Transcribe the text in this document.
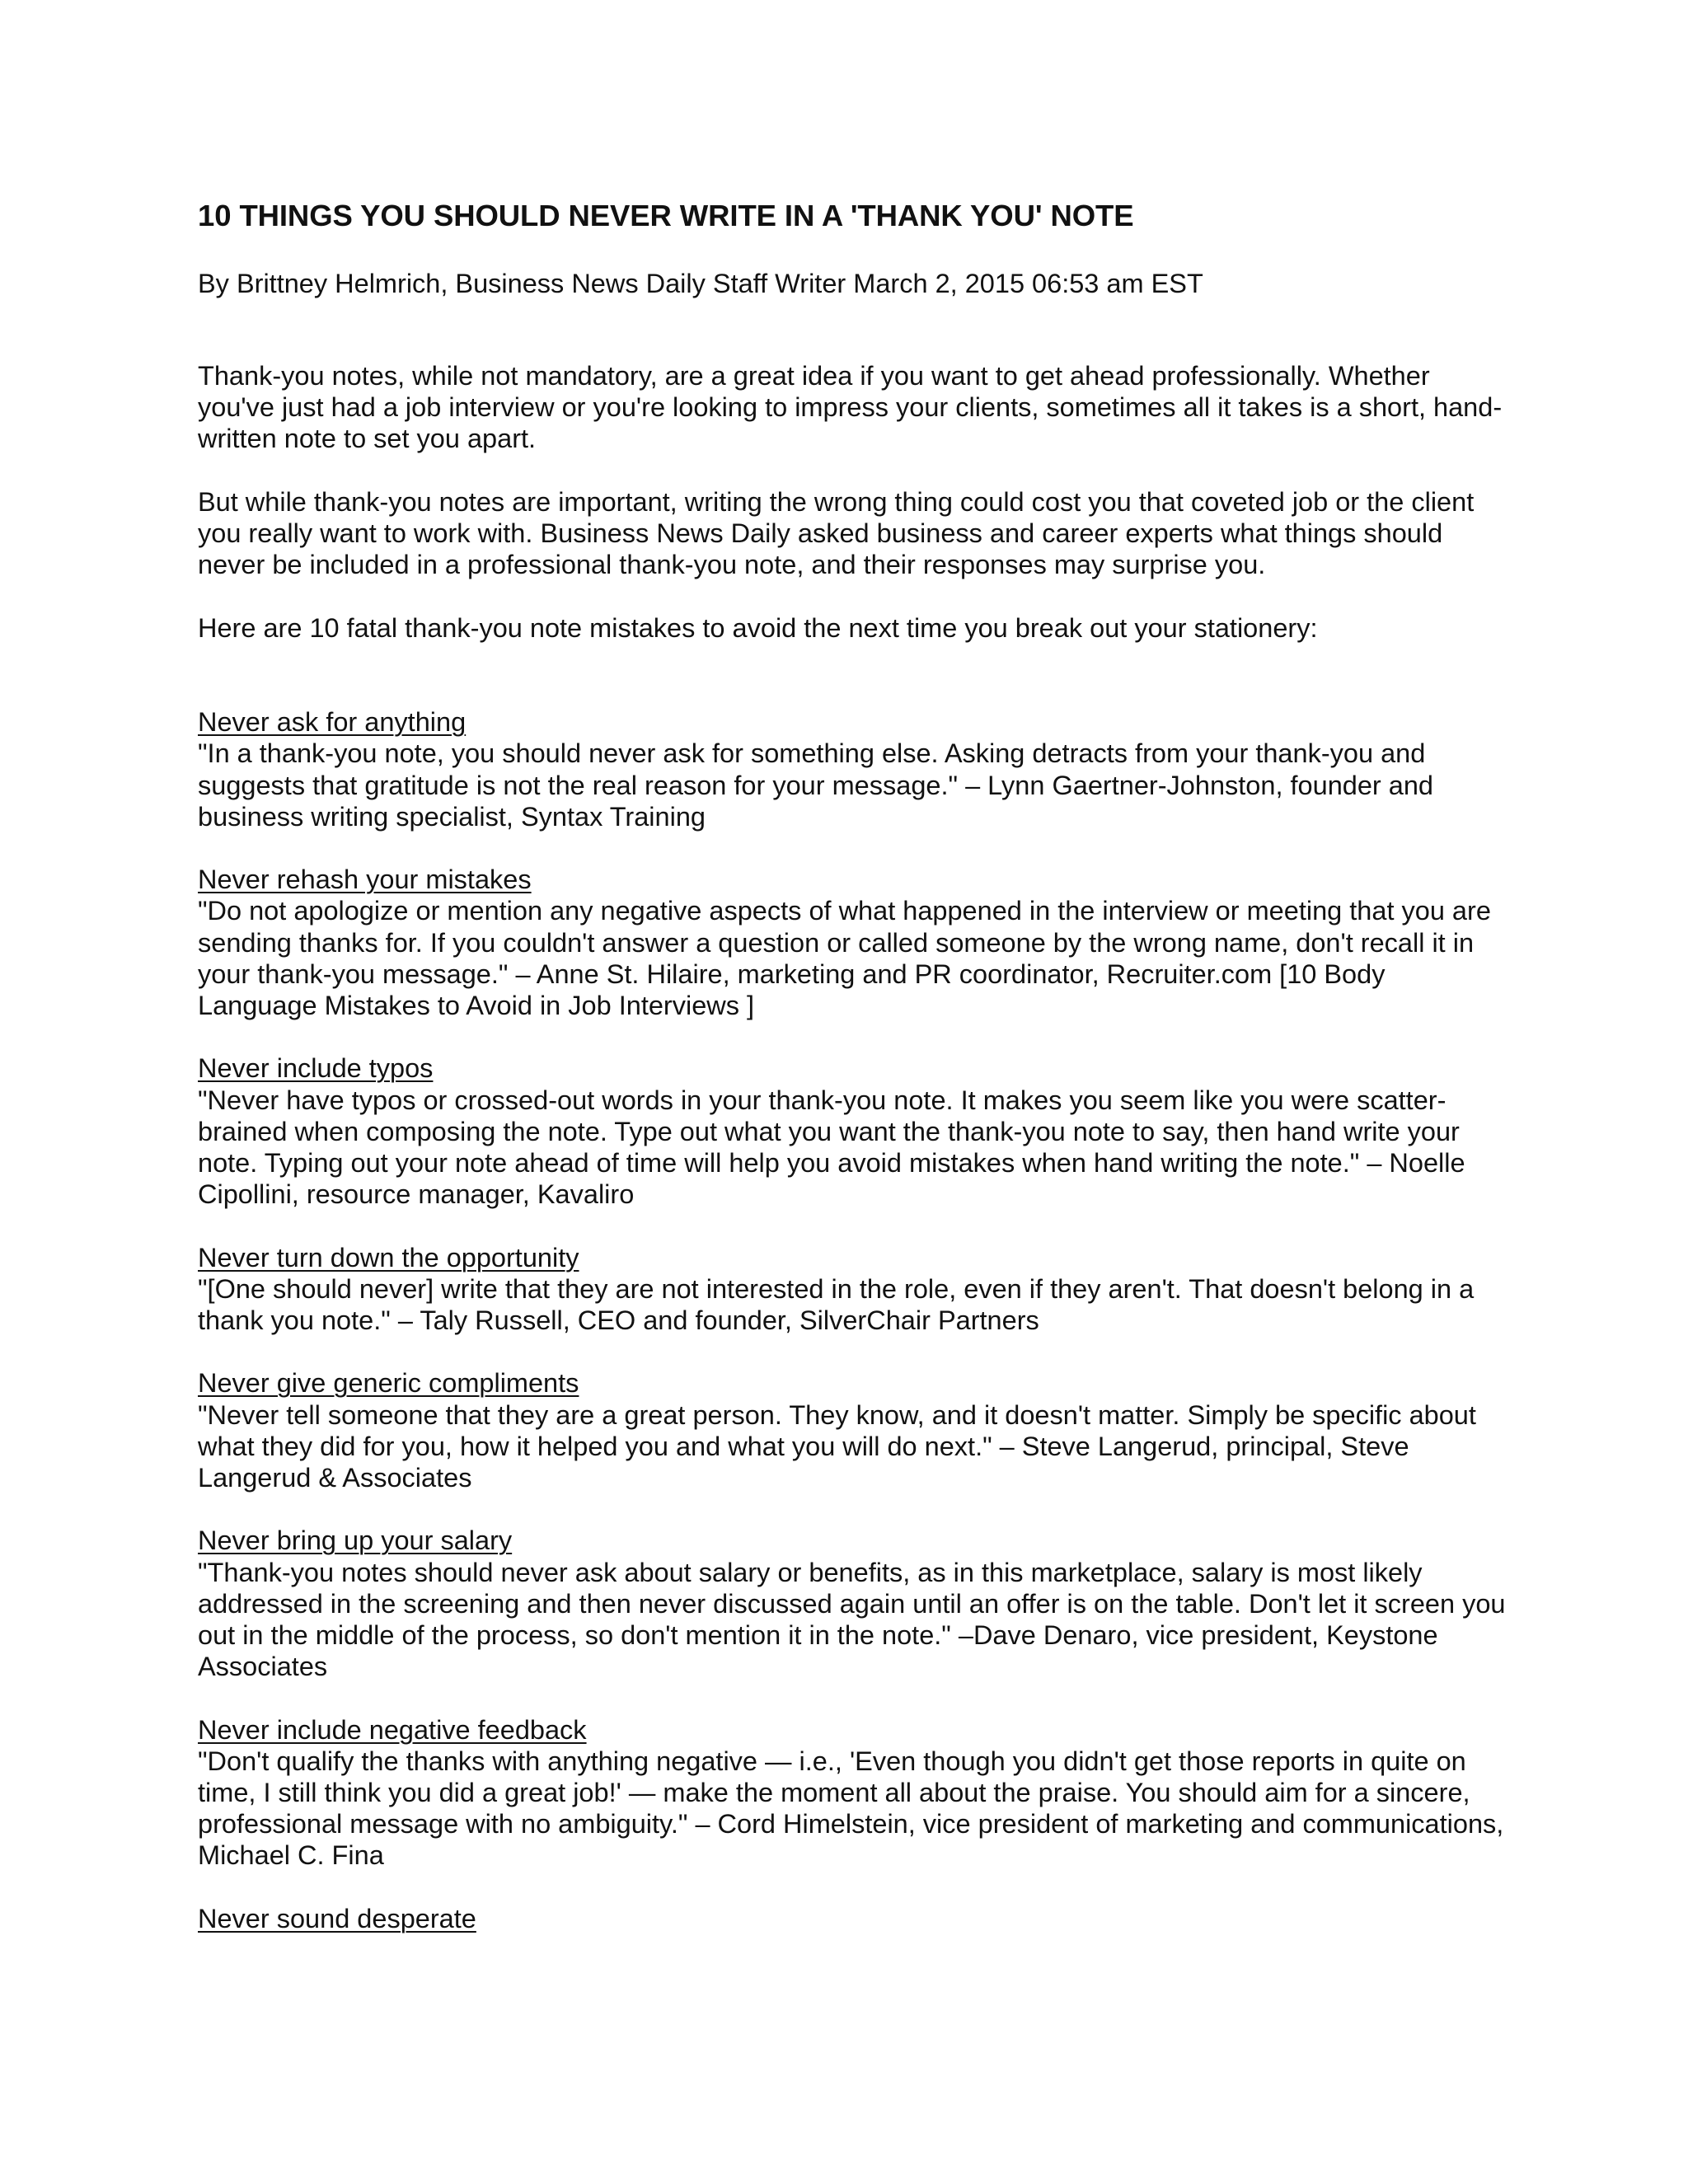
10 THINGS YOU SHOULD NEVER WRITE IN A 'THANK YOU' NOTE

By Brittney Helmrich, Business News Daily Staff Writer March 2, 2015 06:53 am EST

Thank-you notes, while not mandatory, are a great idea if you want to get ahead professionally. Whether you've just had a job interview or you're looking to impress your clients, sometimes all it takes is a short, hand-written note to set you apart.

But while thank-you notes are important, writing the wrong thing could cost you that coveted job or the client you really want to work with. Business News Daily asked business and career experts what things should never be included in a professional thank-you note, and their responses may surprise you.

Here are 10 fatal thank-you note mistakes to avoid the next time you break out your stationery:

Never ask for anything

"In a thank-you note, you should never ask for something else. Asking detracts from your thank-you and suggests that gratitude is not the real reason for your message." – Lynn Gaertner-Johnston, founder and business writing specialist, Syntax Training

Never rehash your mistakes

"Do not apologize or mention any negative aspects of what happened in the interview or meeting that you are sending thanks for. If you couldn't answer a question or called someone by the wrong name, don't recall it in your thank-you message." – Anne St. Hilaire, marketing and PR coordinator, Recruiter.com [10 Body Language Mistakes to Avoid in Job Interviews ]

Never include typos

"Never have typos or crossed-out words in your thank-you note. It makes you seem like you were scatter-brained when composing the note. Type out what you want the thank-you note to say, then hand write your note. Typing out your note ahead of time will help you avoid mistakes when hand writing the note." – Noelle Cipollini, resource manager, Kavaliro

Never turn down the opportunity

"[One should never] write that they are not interested in the role, even if they aren't. That doesn't belong in a thank you note." – Taly Russell, CEO and founder, SilverChair Partners

Never give generic compliments

"Never tell someone that they are a great person. They know, and it doesn't matter. Simply be specific about what they did for you, how it helped you and what you will do next." – Steve Langerud, principal, Steve Langerud & Associates

Never bring up your salary

"Thank-you notes should never ask about salary or benefits, as in this marketplace, salary is most likely addressed in the screening and then never discussed again until an offer is on the table. Don't let it screen you out in the middle of the process, so don't mention it in the note." –Dave Denaro, vice president, Keystone Associates

Never include negative feedback

"Don't qualify the thanks with anything negative — i.e., 'Even though you didn't get those reports in quite on time, I still think you did a great job!' — make the moment all about the praise. You should aim for a sincere, professional message with no ambiguity." – Cord Himelstein, vice president of marketing and communications, Michael C. Fina

Never sound desperate
